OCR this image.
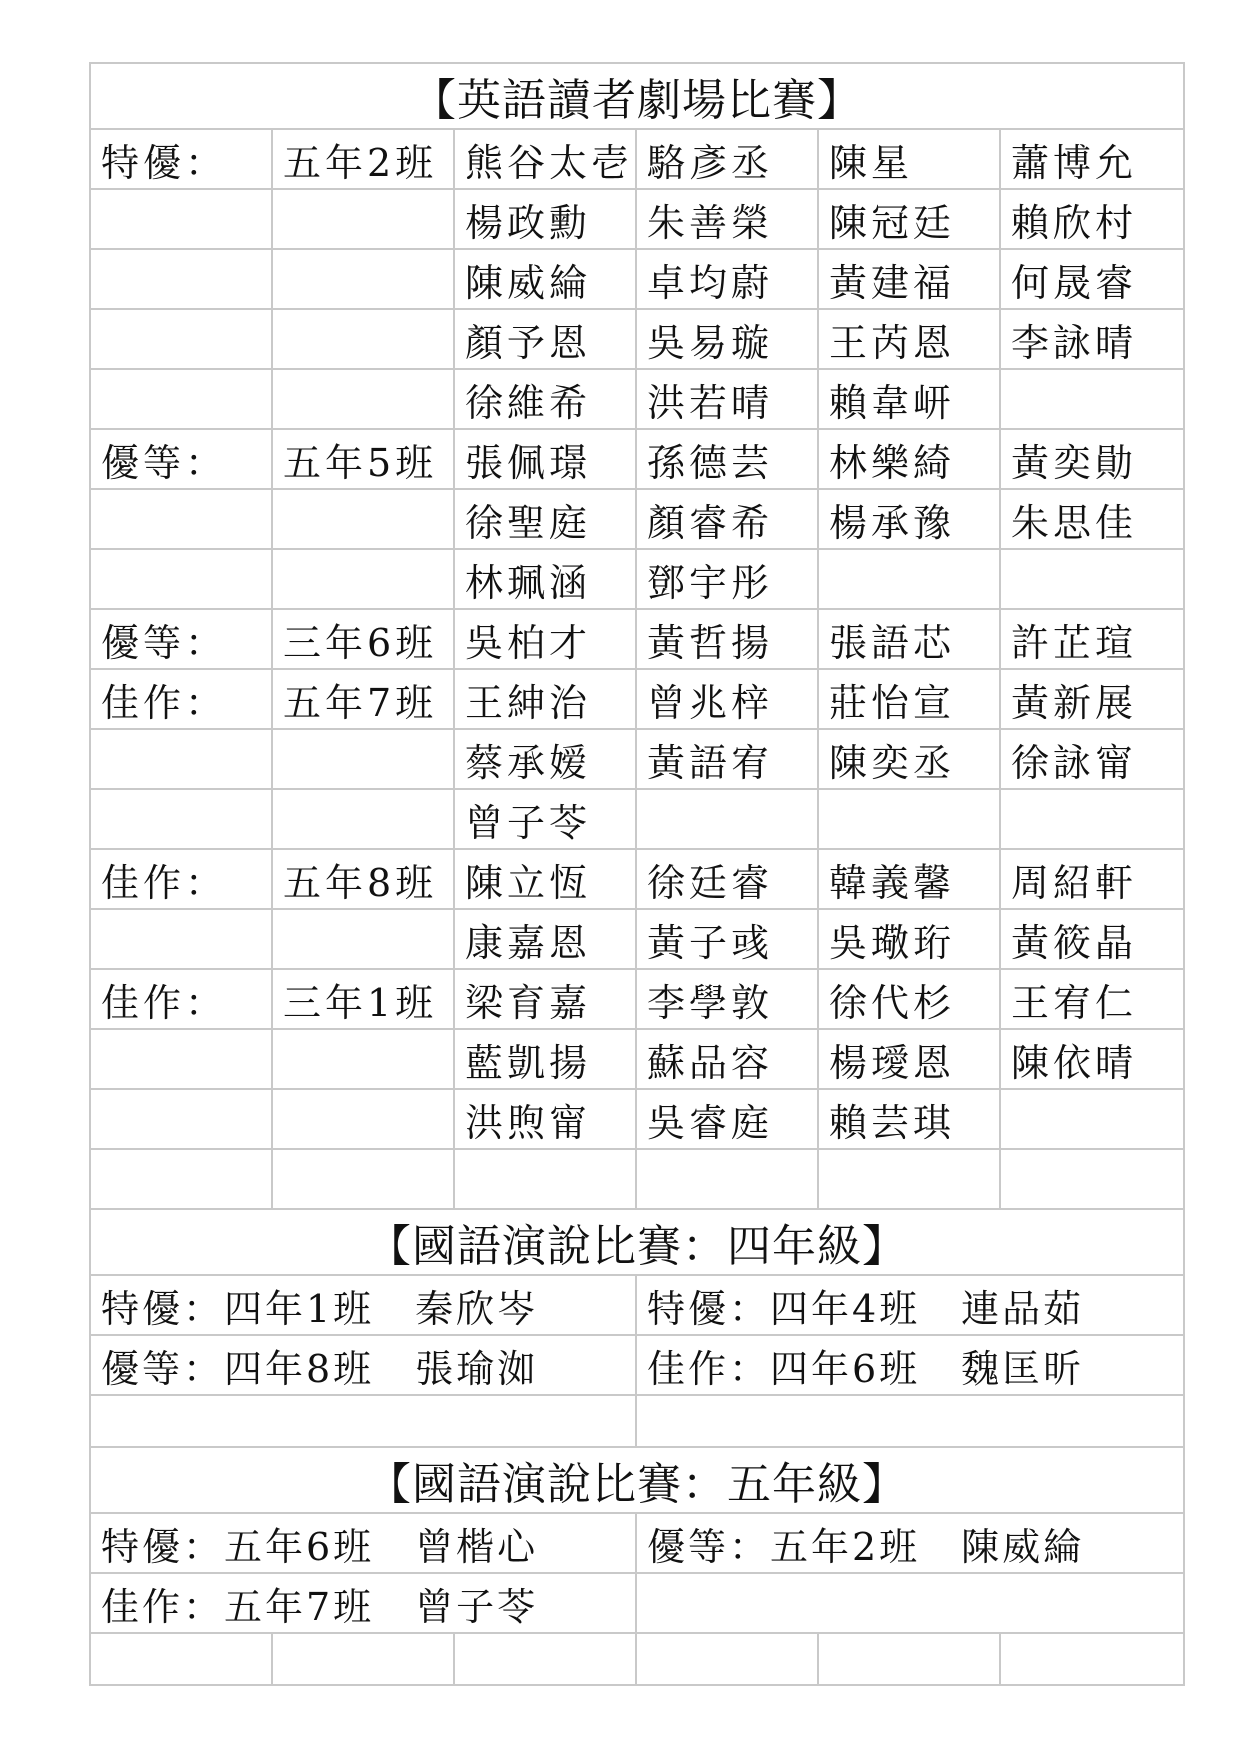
【英語讀者劇場比賽】					
特優：	五年2班	熊谷太壱	駱彥丞	陳星	蕭博允
		楊政勳	朱善榮	陳冠廷	賴欣村
		陳威綸	卓均蔚	黃建福	何晟睿
		顏予恩	吳易璇	王芮恩	李詠晴
		徐維希	洪若晴	賴韋岍	
優等：	五年5班	張佩璟	孫德芸	林樂綺	黃奕勛
		徐聖庭	顏睿希	楊承豫	朱思佳
		林珮涵	鄧宇彤		
優等：	三年6班	吳柏才	黃哲揚	張語芯	許芷瑄
佳作：	五年7班	王紳治	曾兆梓	莊怡宣	黃新展
		蔡承嫒	黃語宥	陳奕丞	徐詠甯
		曾子苓			
佳作：	五年8班	陳立恆	徐廷睿	韓義馨	周紹軒
		康嘉恩	黃子彧	吳璥珩	黃筱晶
佳作：	三年1班	梁育嘉	李學敦	徐代杉	王宥仁
		藍凱揚	蘇品容	楊璦恩	陳依晴
		洪煦甯	吳睿庭	賴芸琪	

【國語演說比賽：四年級】					
特優：四年1班　秦欣岑			特優：四年4班　連品茹		
優等：四年8班　張瑜洳			佳作：四年6班　魏匡昕		

【國語演說比賽：五年級】					
特優：五年6班　曾楷心			優等：五年2班　陳威綸		
佳作：五年7班　曾子苓					
